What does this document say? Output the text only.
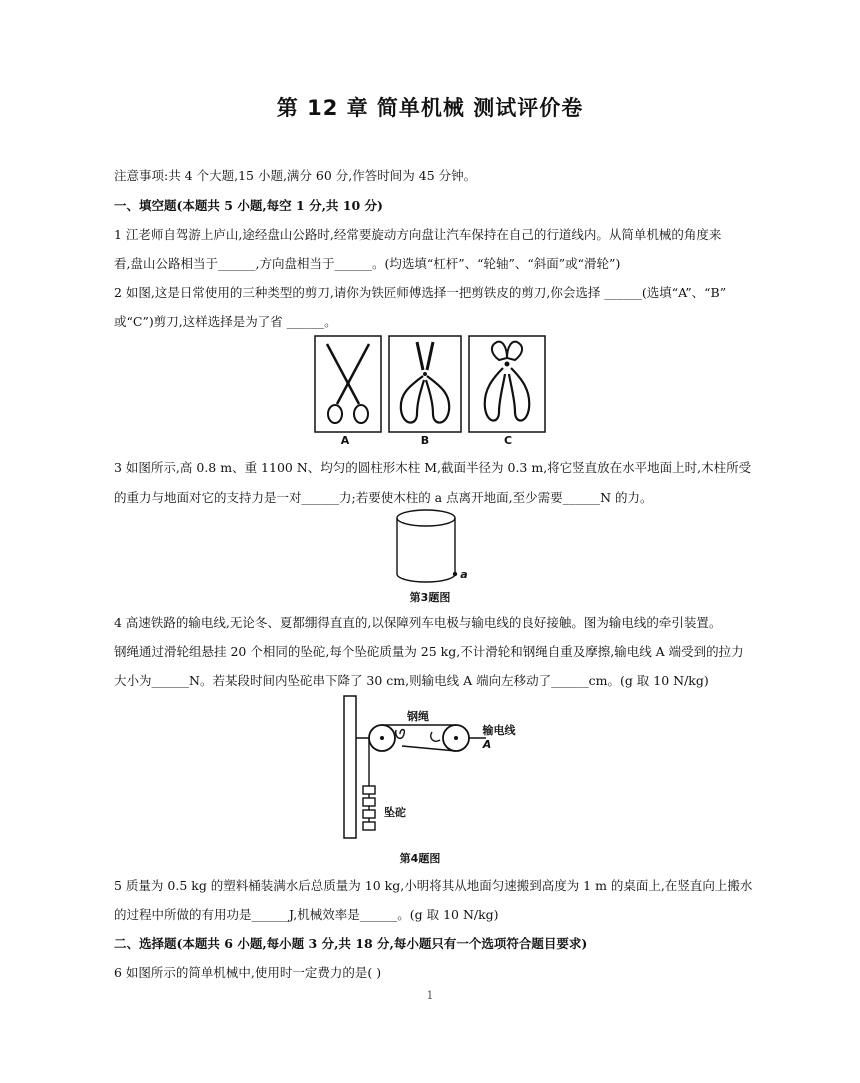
第 12 章 简单机械 测试评价卷
注意事项:共 4 个大题,15 小题,满分 60 分,作答时间为 45 分钟。
一、填空题(本题共 5 小题,每空 1 分,共 10 分)
1 江老师自驾游上庐山,途经盘山公路时,经常要旋动方向盘让汽车保持在自己的行道线内。从简单机械的角度来
看,盘山公路相当于______,方向盘相当于______。(均选填“杠杆”、“轮轴”、“斜面”或“滑轮”)
2 如图,这是日常使用的三种类型的剪刀,请你为铁匠师傅选择一把剪铁皮的剪刀,你会选择 ______(选填“A”、“B”
或“C”)剪刀,这样选择是为了省 ______。
A	B	C
3 如图所示,高 0.8 m、重 1100 N、均匀的圆柱形木柱 M,截面半径为 0.3 m,将它竖直放在水平地面上时,木柱所受
的重力与地面对它的支持力是一对______力;若要使木柱的 a 点离开地面,至少需要______N 的力。
a
第3题图
4 高速铁路的输电线,无论冬、夏都绷得直直的,以保障列车电极与输电线的良好接触。图为输电线的牵引装置。
钢绳通过滑轮组悬挂 20 个相同的坠砣,每个坠砣质量为 25 kg,不计滑轮和钢绳自重及摩擦,输电线 A 端受到的拉力
大小为______N。若某段时间内坠砣串下降了 30 cm,则输电线 A 端向左移动了______cm。(g 取 10 N/kg)
钢绳
输电线
A
坠砣
第4题图
5 质量为 0.5 kg 的塑料桶装满水后总质量为 10 kg,小明将其从地面匀速搬到高度为 1 m 的桌面上,在竖直向上搬水
的过程中所做的有用功是______J,机械效率是______。(g 取 10 N/kg)
二、选择题(本题共 6 小题,每小题 3 分,共 18 分,每小题只有一个选项符合题目要求)
6 如图所示的简单机械中,使用时一定费力的是( )
1
